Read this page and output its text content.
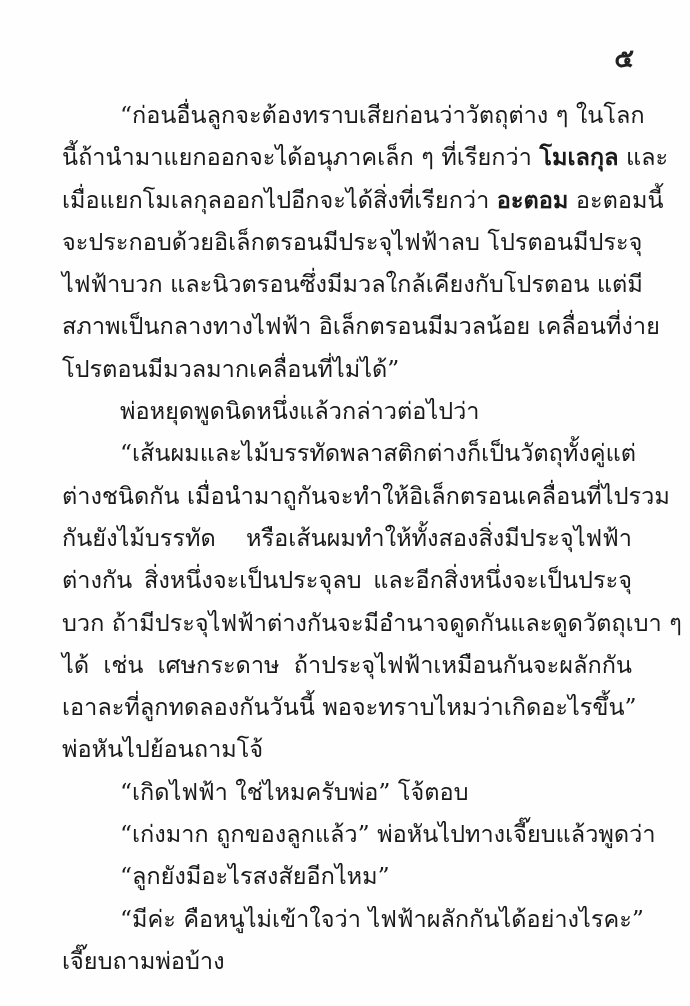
๕
“ก่อนอื่นลูกจะต้องทราบเสียก่อนว่าวัตถุต่าง ๆ ในโลก
นี้ถ้านำมาแยกออกจะได้อนุภาคเล็ก ๆ ที่เรียกว่า โมเลกุล และ
เมื่อแยกโมเลกุลออกไปอีกจะได้สิ่งที่เรียกว่า อะตอม อะตอมนี้
จะประกอบด้วยอิเล็กตรอนมีประจุไฟฟ้าลบ โปรตอนมีประจุ
ไฟฟ้าบวก และนิวตรอนซึ่งมีมวลใกล้เคียงกับโปรตอน แต่มี
สภาพเป็นกลางทางไฟฟ้า อิเล็กตรอนมีมวลน้อย เคลื่อนที่ง่าย
โปรตอนมีมวลมากเคลื่อนที่ไม่ได้”
พ่อหยุดพูดนิดหนึ่งแล้วกล่าวต่อไปว่า
“เส้นผมและไม้บรรทัดพลาสติกต่างก็เป็นวัตถุทั้งคู่แต่
ต่างชนิดกัน เมื่อนำมาถูกันจะทำให้อิเล็กตรอนเคลื่อนที่ไปรวม
กันยังไม้บรรทัด หรือเส้นผมทำให้ทั้งสองสิ่งมีประจุไฟฟ้า
ต่างกัน สิ่งหนึ่งจะเป็นประจุลบ และอีกสิ่งหนึ่งจะเป็นประจุ
บวก ถ้ามีประจุไฟฟ้าต่างกันจะมีอำนาจดูดกันและดูดวัตถุเบา ๆ
ได้ เช่น เศษกระดาษ ถ้าประจุไฟฟ้าเหมือนกันจะผลักกัน
เอาละที่ลูกทดลองกันวันนี้ พอจะทราบไหมว่าเกิดอะไรขึ้น”
พ่อหันไปย้อนถามโจ้
“เกิดไฟฟ้า ใช่ไหมครับพ่อ” โจ้ตอบ
“เก่งมาก ถูกของลูกแล้ว” พ่อหันไปทางเจี๊ยบแล้วพูดว่า
“ลูกยังมีอะไรสงสัยอีกไหม”
“มีค่ะ คือหนูไม่เข้าใจว่า ไฟฟ้าผลักกันได้อย่างไรคะ”
เจี๊ยบถามพ่อบ้าง
